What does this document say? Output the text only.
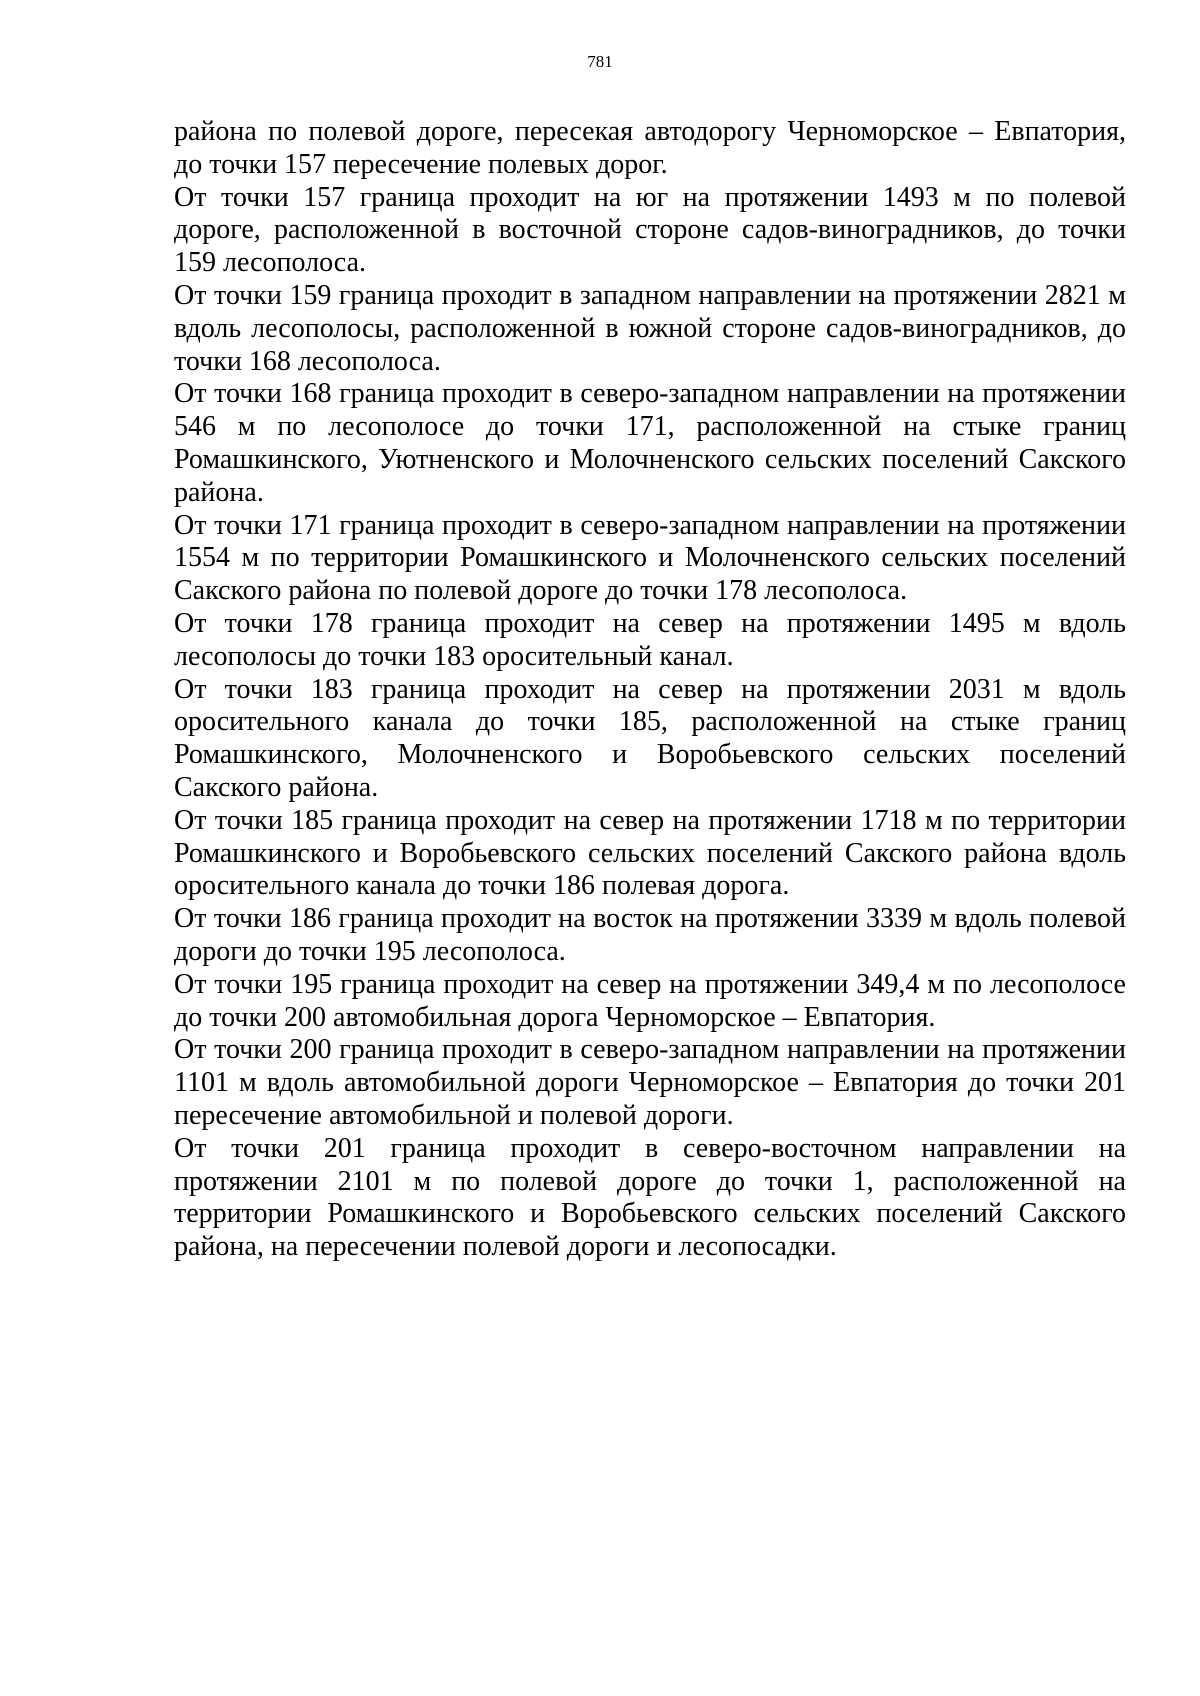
781

района по полевой дороге, пересекая автодорогу Черноморское – Евпатория, до точки 157 пересечение полевых дорог.

От точки 157 граница проходит на юг на протяжении 1493 м по полевой дороге, расположенной в восточной стороне садов-виноградников, до точки 159 лесополоса.

От точки 159 граница проходит в западном направлении на протяжении 2821 м вдоль лесополосы, расположенной в южной стороне садов-виноградников, до точки 168 лесополоса.

От точки 168 граница проходит в северо-западном направлении на протяжении 546 м по лесополосе до точки 171, расположенной на стыке границ Ромашкинского, Уютненского и Молочненского сельских поселений Сакского района.

От точки 171 граница проходит в северо-западном направлении на протяжении 1554 м по территории Ромашкинского и Молочненского сельских поселений Сакского района по полевой дороге до точки 178 лесополоса.

От точки 178 граница проходит на север на протяжении 1495 м вдоль лесополосы до точки 183 оросительный канал.

От точки 183 граница проходит на север на протяжении 2031 м вдоль оросительного канала до точки 185, расположенной на стыке границ Ромашкинского, Молочненского и Воробьевского сельских поселений Сакского района.

От точки 185 граница проходит на север на протяжении 1718 м по территории Ромашкинского и Воробьевского сельских поселений Сакского района вдоль оросительного канала до точки 186 полевая дорога.

От точки 186 граница проходит на восток на протяжении 3339 м вдоль полевой дороги до точки 195 лесополоса.

От точки 195 граница проходит на север на протяжении 349,4 м по лесополосе до точки 200 автомобильная дорога Черноморское – Евпатория.

От точки 200 граница проходит в северо-западном направлении на протяжении 1101 м вдоль автомобильной дороги Черноморское – Евпатория до точки 201 пересечение автомобильной и полевой дороги.

От точки 201 граница проходит в северо-восточном направлении на протяжении 2101 м по полевой дороге до точки 1, расположенной на территории Ромашкинского и Воробьевского сельских поселений Сакского района, на пересечении полевой дороги и лесопосадки.
